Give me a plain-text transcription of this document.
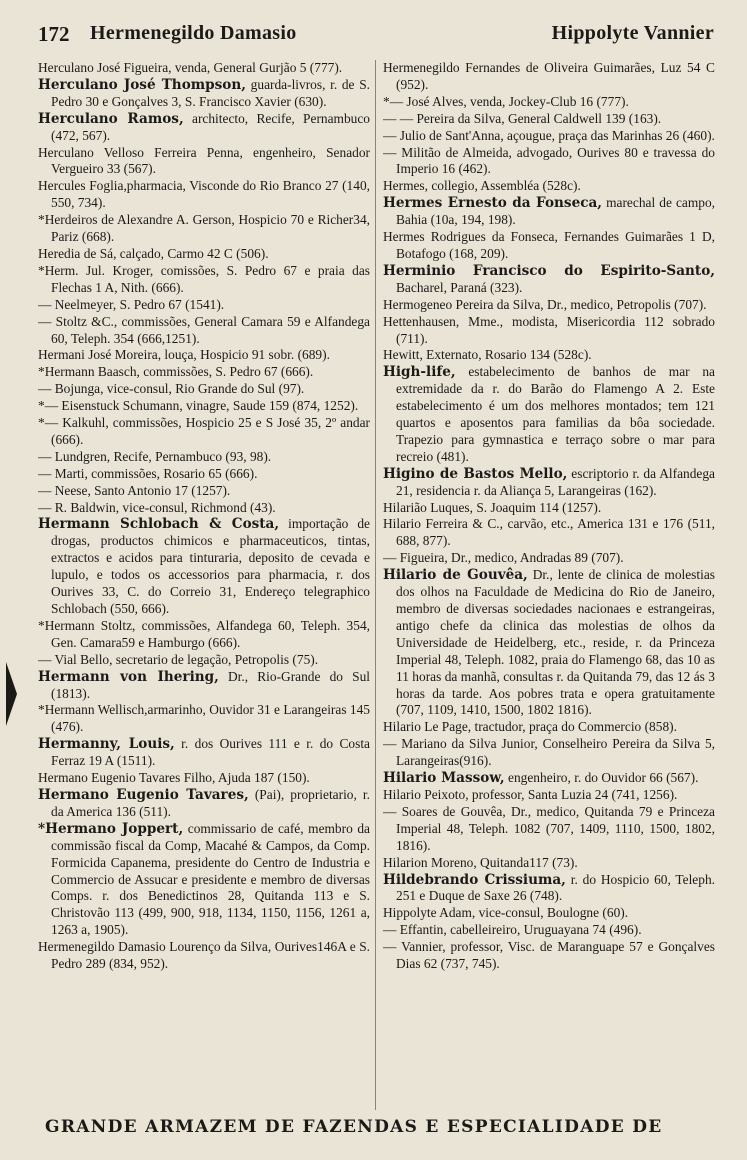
172 Hermenegildo Damasio	Hippolyte Vannier

Herculano José Figueira, venda, General Gurjão 5 (777).

Herculano José Thompson, guarda-livros, r. de S. Pedro 30 e Gonçalves 3, S. Francisco Xavier (630).

Herculano Ramos, architecto, Recife, Pernambuco (472, 567).

Herculano Velloso Ferreira Penna, engenheiro, Senador Vergueiro 33 (567).

Hercules Foglia,pharmacia, Visconde do Rio Branco 27 (140, 550, 734).

*Herdeiros de Alexandre A. Gerson, Hospicio 70 e Richer34, Pariz (668).

Heredia de Sá, calçado, Carmo 42 C (506).

*Herm. Jul. Kroger, comissões, S. Pedro 67 e praia das Flechas 1 A, Nith. (666).

— Neelmeyer, S. Pedro 67 (1541).

— Stoltz &C., commissões, General Camara 59 e Alfandega 60, Teleph. 354 (666,1251).

Hermani José Moreira, louça, Hospicio 91 sobr. (689).

*Hermann Baasch, commissões, S. Pedro 67 (666).

— Bojunga, vice-consul, Rio Grande do Sul (97).

*— Eisenstuck Schumann, vinagre, Saude 159 (874, 1252).

*— Kalkuhl, commissões, Hospicio 25 e S José 35, 2º andar (666).

— Lundgren, Recife, Pernambuco (93, 98).

— Marti, commissões, Rosario 65 (666).

— Neese, Santo Antonio 17 (1257).

— R. Baldwin, vice-consul, Richmond (43).

Hermann Schlobach & Costa, importação de drogas, productos chimicos e pharmaceuticos, tintas, extractos e acidos para tinturaria, deposito de cevada e lupulo, e todos os accessorios para pharmacia, r. dos Ourives 33, C. do Correio 31, Endereço telegraphico Schlobach (550, 666).

*Hermann Stoltz, commissões, Alfandega 60, Teleph. 354, Gen. Camara59 e Hamburgo (666).

— Vial Bello, secretario de legação, Petropolis (75).

Hermann von Ihering, Dr., Rio-Grande do Sul (1813).

*Hermann Wellisch,armarinho, Ouvidor 31 e Larangeiras 145 (476).

Hermanny, Louis, r. dos Ourives 111 e r. do Costa Ferraz 19 A (1511).

Hermano Eugenio Tavares Filho, Ajuda 187 (150).

Hermano Eugenio Tavares, (Pai), proprietario, r. da America 136 (511).

*Hermano Joppert, commissario de café, membro da commissão fiscal da Comp, Macahé & Campos, da Comp. Formicida Capanema, presidente do Centro de Industria e Commercio de Assucar e presidente e membro de diversas Comps. r. dos Benedictinos 28, Quitanda 113 e S. Christovão 113 (499, 900, 918, 1134, 1150, 1156, 1261 a, 1263 a, 1905).

Hermenegildo Damasio Lourenço da Silva, Ourives146A e S. Pedro 289 (834, 952).

Hermenegildo Fernandes de Oliveira Guimarães, Luz 54 C (952).

*— José Alves, venda, Jockey-Club 16 (777).

— — Pereira da Silva, General Caldwell 139 (163).

— Julio de Sant'Anna, açougue, praça das Marinhas 26 (460).

— Militão de Almeida, advogado, Ourives 80 e travessa do Imperio 16 (462).

Hermes, collegio, Assembléa (528c).

Hermes Ernesto da Fonseca, marechal de campo, Bahia (10a, 194, 198).

Hermes Rodrigues da Fonseca, Fernandes Guimarães 1 D, Botafogo (168, 209).

Herminio Francisco do Espirito-Santo, Bacharel, Paraná (323).

Hermogeneo Pereira da Silva, Dr., medico, Petropolis (707).

Hettenhausen, Mme., modista, Misericordia 112 sobrado (711).

Hewitt, Externato, Rosario 134 (528c).

High-life, estabelecimento de banhos de mar na extremidade da r. do Barão do Flamengo A 2. Este estabelecimento é um dos melhores montados; tem 121 quartos e aposentos para familias da bôa sociedade. Trapezio para gymnastica e terraço sobre o mar para recreio (481).

Higino de Bastos Mello, escriptorio r. da Alfandega 21, residencia r. da Aliança 5, Larangeiras (162).

Hilarião Luques, S. Joaquim 114 (1257).

Hilario Ferreira & C., carvão, etc., America 131 e 176 (511, 688, 877).

— Figueira, Dr., medico, Andradas 89 (707).

Hilario de Gouvêa, Dr., lente de clinica de molestias dos olhos na Faculdade de Medicina do Rio de Janeiro, membro de diversas sociedades nacionaes e estrangeiras, antigo chefe da clinica das molestias de olhos da Universidade de Heidelberg, etc., reside, r. da Princeza Imperial 48, Teleph. 1082, praia do Flamengo 68, das 10 as 11 horas da manhã, consultas r. da Quitanda 79, das 12 ás 3 horas da tarde. Aos pobres trata e opera gratuitamente (707, 1109, 1410, 1500, 1802 1816).

Hilario Le Page, tractudor, praça do Commercio (858).

— Mariano da Silva Junior, Conselheiro Pereira da Silva 5, Larangeiras(916).

Hilario Massow, engenheiro, r. do Ouvidor 66 (567).

Hilario Peixoto, professor, Santa Luzia 24 (741, 1256).

— Soares de Gouvêa, Dr., medico, Quitanda 79 e Princeza Imperial 48, Teleph. 1082 (707, 1409, 1110, 1500, 1802, 1816).

Hilarion Moreno, Quitanda117 (73).

Hildebrando Crissiuma, r. do Hospicio 60, Teleph. 251 e Duque de Saxe 26 (748).

Hippolyte Adam, vice-consul, Boulogne (60).

— Effantin, cabelleireiro, Uruguayana 74 (496).

— Vannier, professor, Visc. de Maranguape 57 e Gonçalves Dias 62 (737, 745).

GRANDE ARMAZEM DE FAZENDAS E ESPECIALIDADE DE
